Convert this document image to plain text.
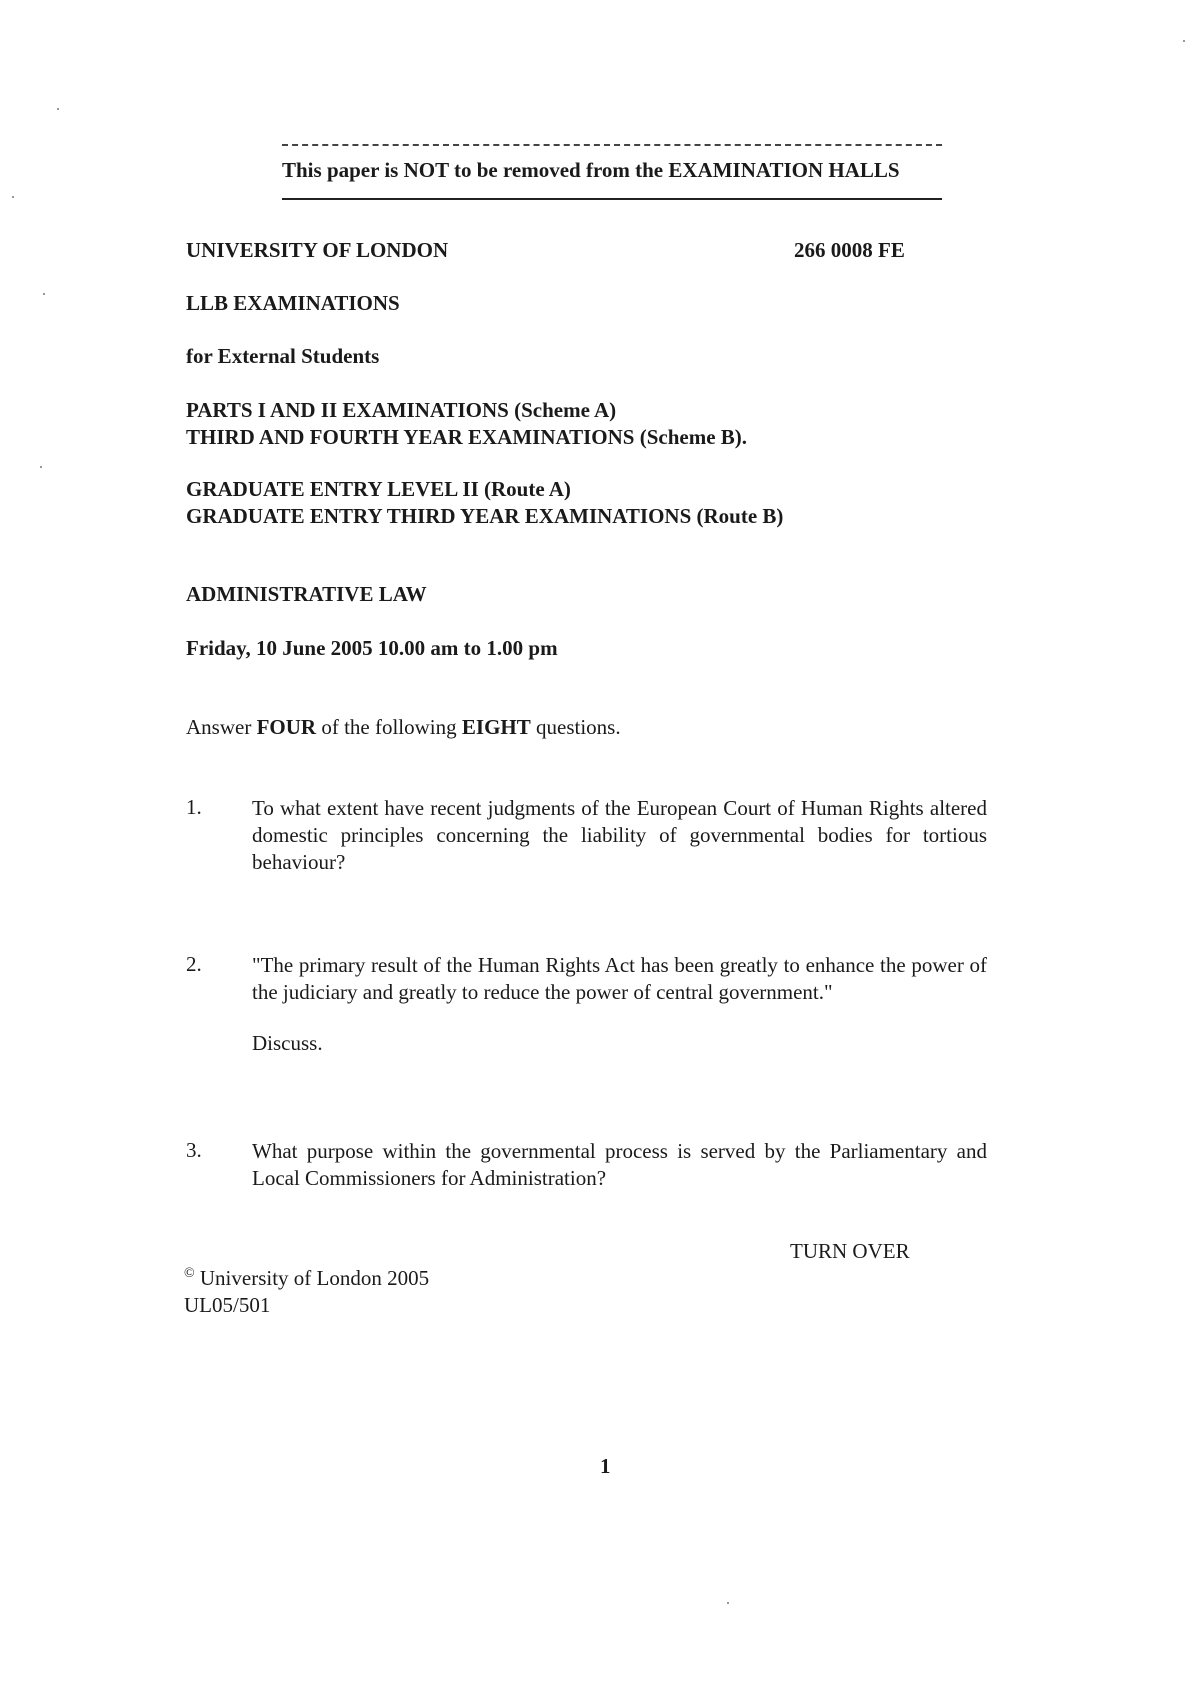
This paper is NOT to be removed from the EXAMINATION HALLS
UNIVERSITY OF LONDON	266 0008 FE
LLB EXAMINATIONS
for External Students
PARTS I AND II EXAMINATIONS (Scheme A)
THIRD AND FOURTH YEAR EXAMINATIONS (Scheme B).
GRADUATE ENTRY LEVEL II (Route A)
GRADUATE ENTRY THIRD YEAR EXAMINATIONS (Route B)
ADMINISTRATIVE LAW
Friday, 10 June 2005 10.00 am to 1.00 pm
Answer FOUR of the following EIGHT questions.
1. To what extent have recent judgments of the European Court of Human Rights altered domestic principles concerning the liability of governmental bodies for tortious behaviour?
2. "The primary result of the Human Rights Act has been greatly to enhance the power of the judiciary and greatly to reduce the power of central government."
Discuss.
3. What purpose within the governmental process is served by the Parliamentary and Local Commissioners for Administration?
TURN OVER
© University of London 2005
UL05/501
1
